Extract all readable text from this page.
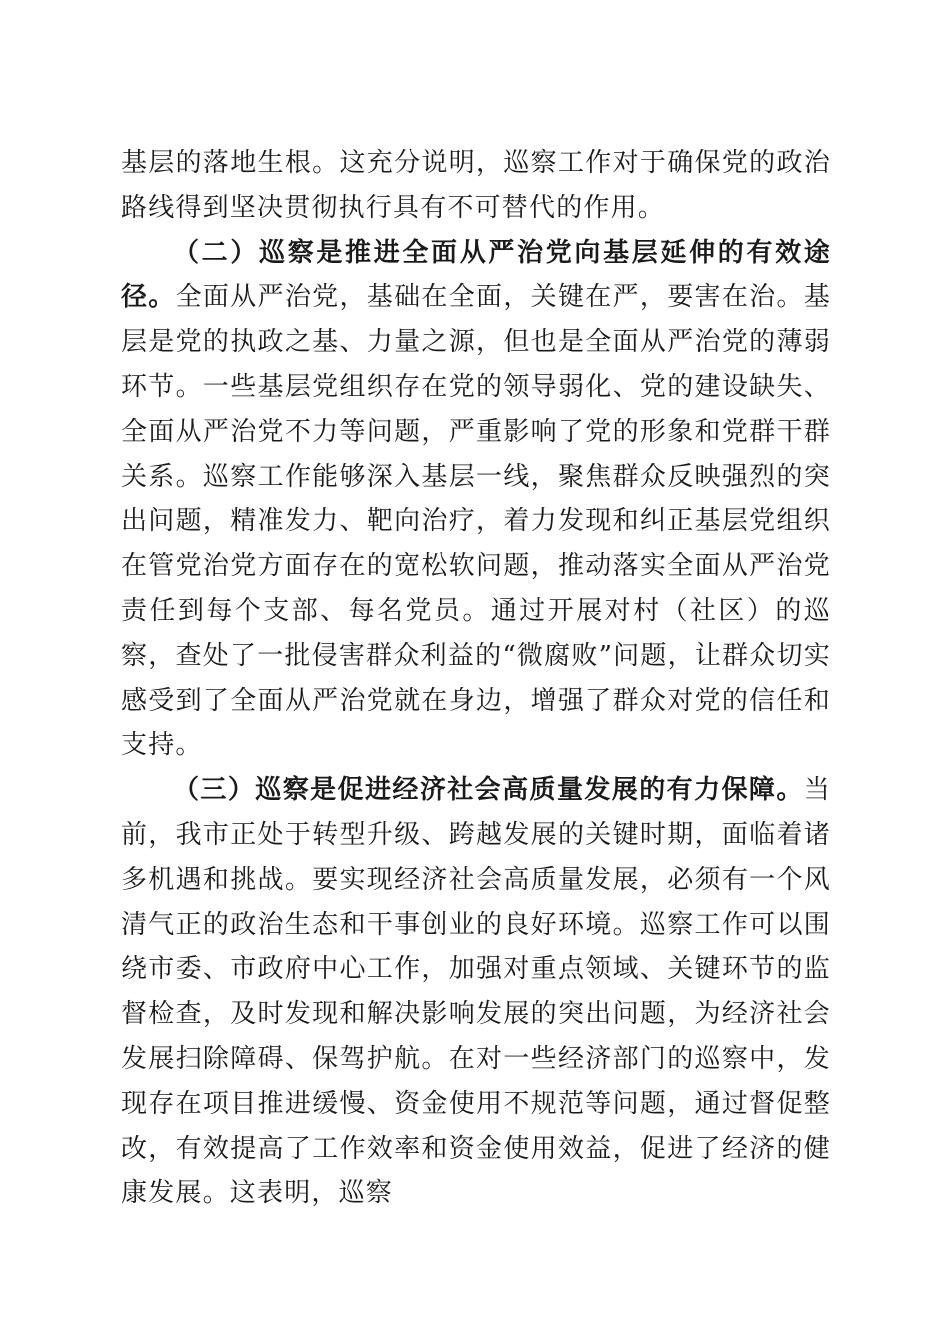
基层的落地生根。这充分说明，巡察工作对于确保党的政治路线得到坚决贯彻执行具有不可替代的作用。

（二）巡察是推进全面从严治党向基层延伸的有效途径。全面从严治党，基础在全面，关键在严，要害在治。基层是党的执政之基、力量之源，但也是全面从严治党的薄弱环节。一些基层党组织存在党的领导弱化、党的建设缺失、全面从严治党不力等问题，严重影响了党的形象和党群干群关系。巡察工作能够深入基层一线，聚焦群众反映强烈的突出问题，精准发力、靶向治疗，着力发现和纠正基层党组织在管党治党方面存在的宽松软问题，推动落实全面从严治党责任到每个支部、每名党员。通过开展对村（社区）的巡察，查处了一批侵害群众利益的“微腐败”问题，让群众切实感受到了全面从严治党就在身边，增强了群众对党的信任和支持。

（三）巡察是促进经济社会高质量发展的有力保障。当前，我市正处于转型升级、跨越发展的关键时期，面临着诸多机遇和挑战。要实现经济社会高质量发展，必须有一个风清气正的政治生态和干事创业的良好环境。巡察工作可以围绕市委、市政府中心工作，加强对重点领域、关键环节的监督检查，及时发现和解决影响发展的突出问题，为经济社会发展扫除障碍、保驾护航。在对一些经济部门的巡察中，发现存在项目推进缓慢、资金使用不规范等问题，通过督促整改，有效提高了工作效率和资金使用效益，促进了经济的健康发展。这表明，巡察
